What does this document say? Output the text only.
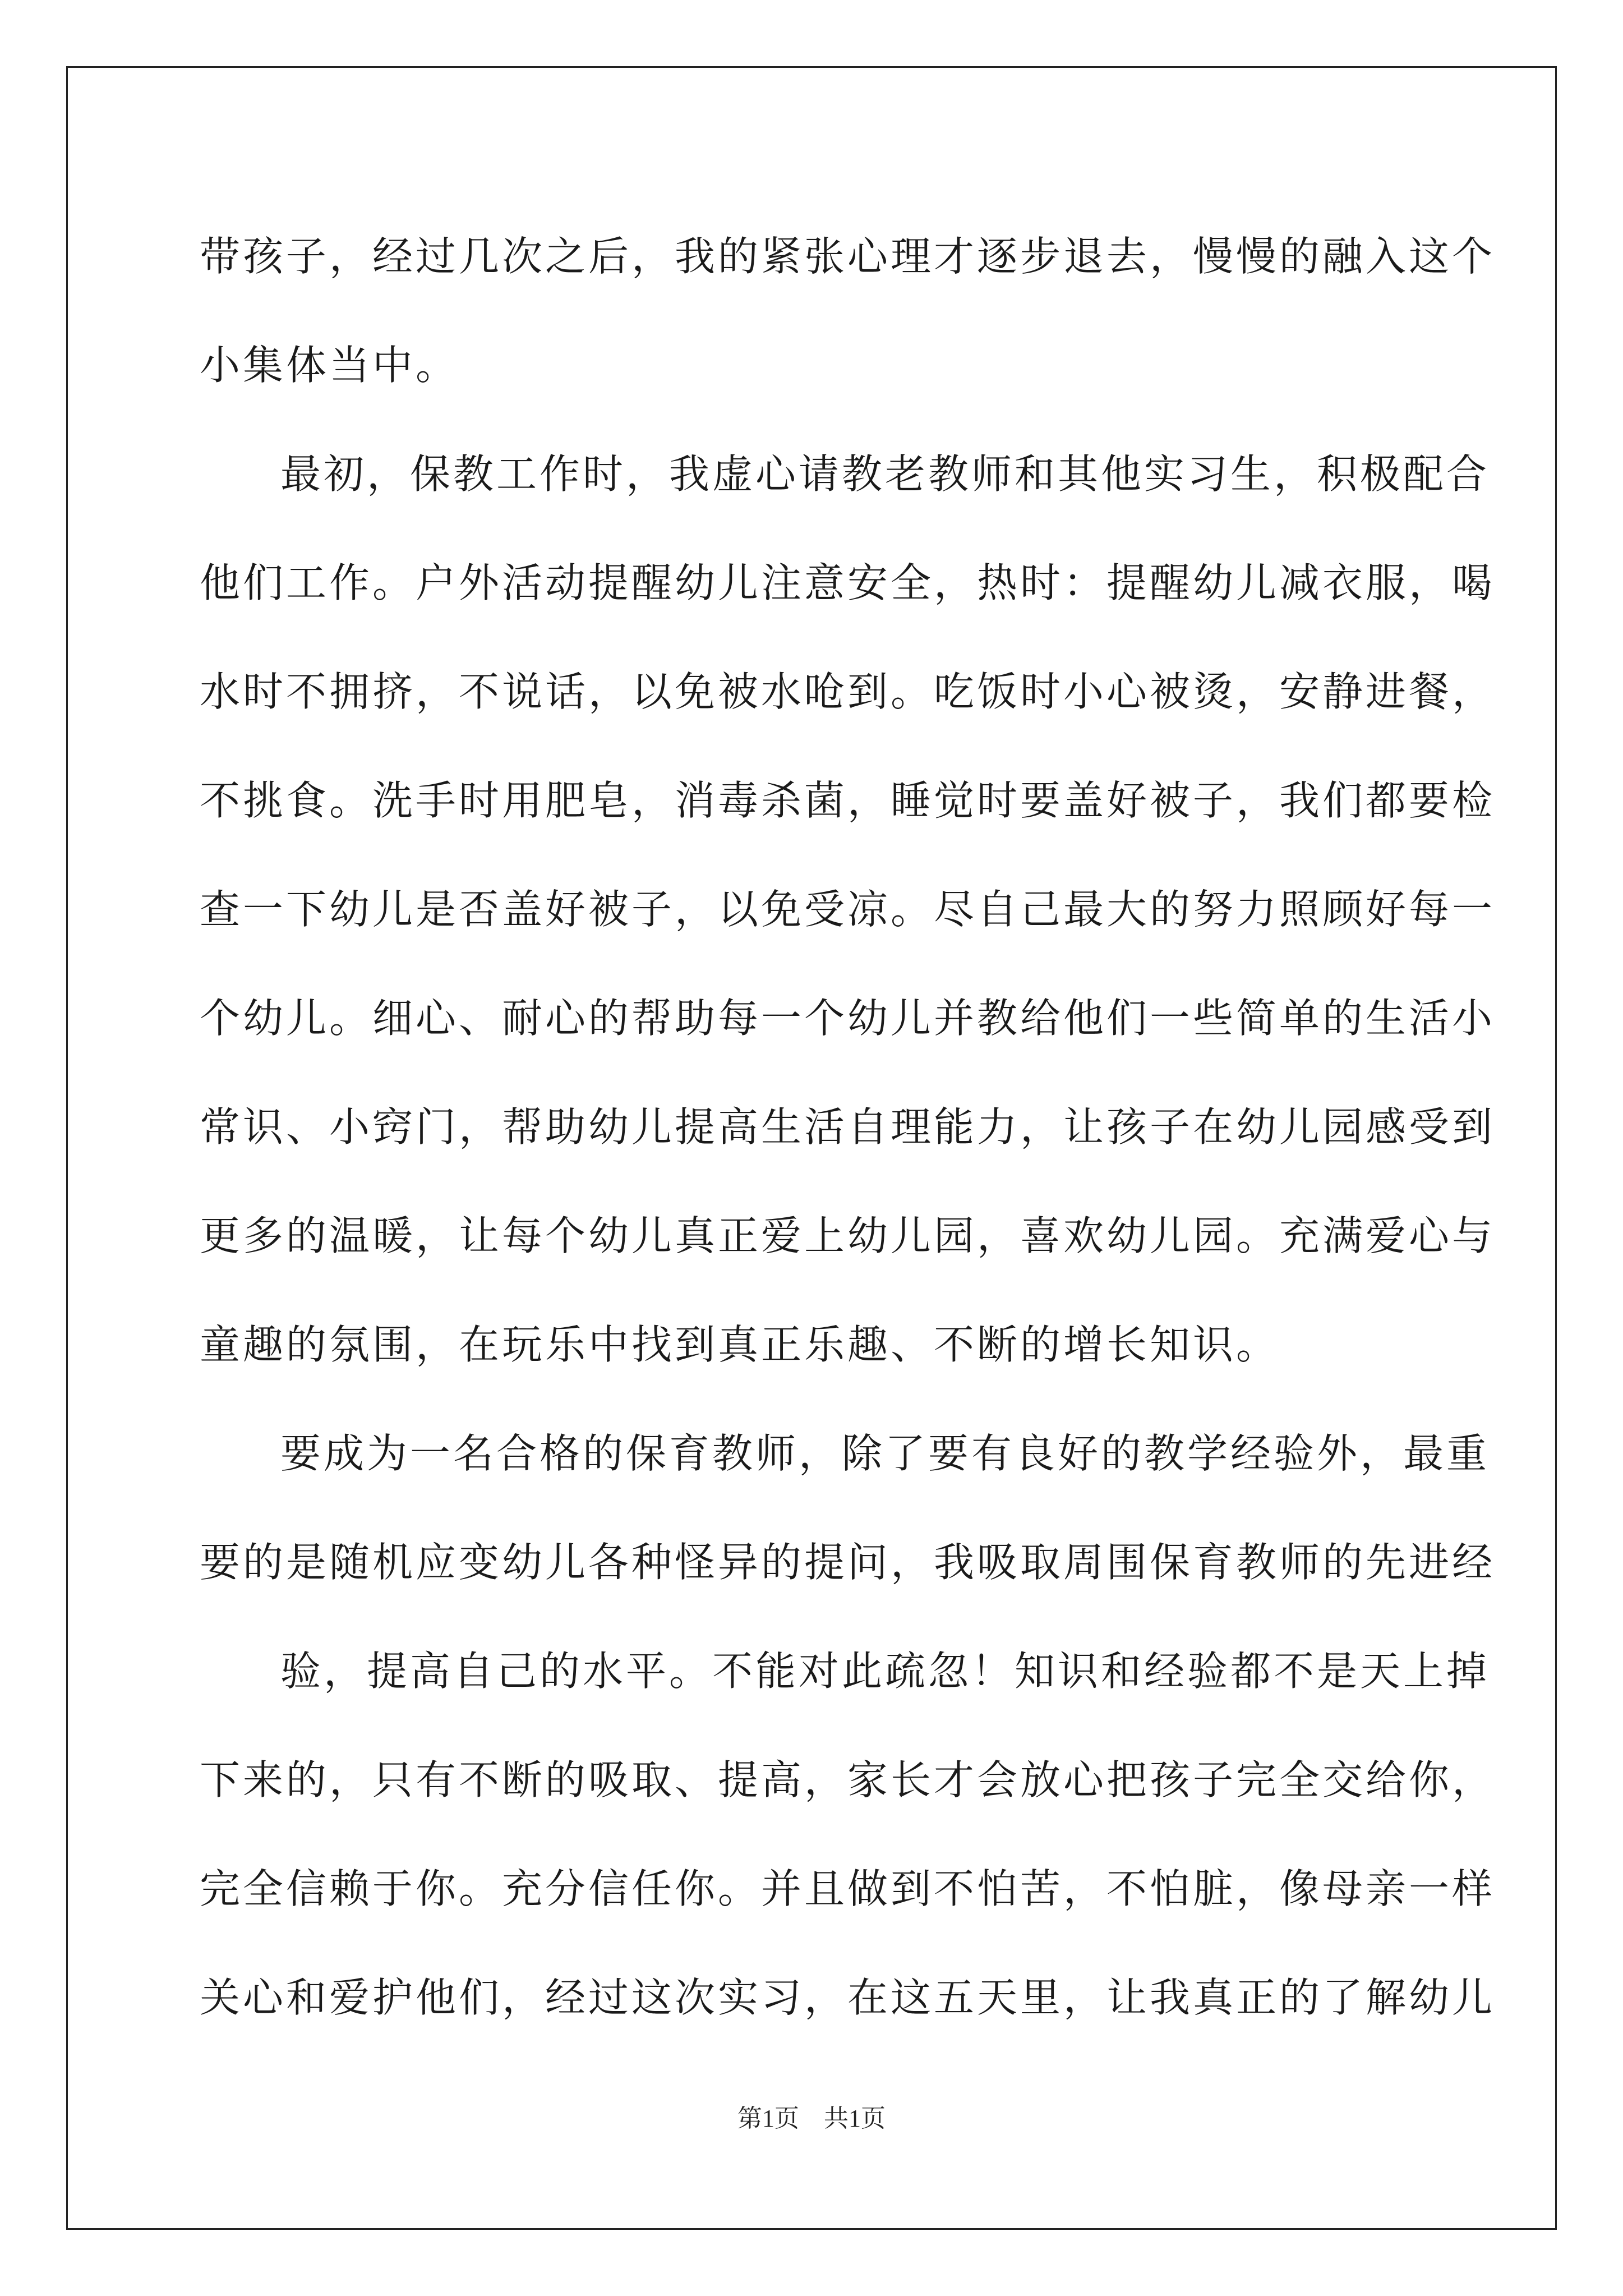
带孩子，经过几次之后，我的紧张心理才逐步退去，慢慢的融入这个
小集体当中。
最初，保教工作时，我虚心请教老教师和其他实习生，积极配合
他们工作。户外活动提醒幼儿注意安全，热时：提醒幼儿减衣服，喝
水时不拥挤，不说话，以免被水呛到。吃饭时小心被烫，安静进餐，
不挑食。洗手时用肥皂，消毒杀菌，睡觉时要盖好被子，我们都要检
查一下幼儿是否盖好被子，以免受凉。尽自己最大的努力照顾好每一
个幼儿。细心、耐心的帮助每一个幼儿并教给他们一些简单的生活小
常识、小窍门，帮助幼儿提高生活自理能力，让孩子在幼儿园感受到
更多的温暖，让每个幼儿真正爱上幼儿园，喜欢幼儿园。充满爱心与
童趣的氛围，在玩乐中找到真正乐趣、不断的增长知识。
要成为一名合格的保育教师，除了要有良好的教学经验外，最重
要的是随机应变幼儿各种怪异的提问，我吸取周围保育教师的先进经
验，提高自己的水平。不能对此疏忽！知识和经验都不是天上掉
下来的，只有不断的吸取、提高，家长才会放心把孩子完全交给你，
完全信赖于你。充分信任你。并且做到不怕苦，不怕脏，像母亲一样
关心和爱护他们，经过这次实习，在这五天里，让我真正的了解幼儿
第1页 共1页
